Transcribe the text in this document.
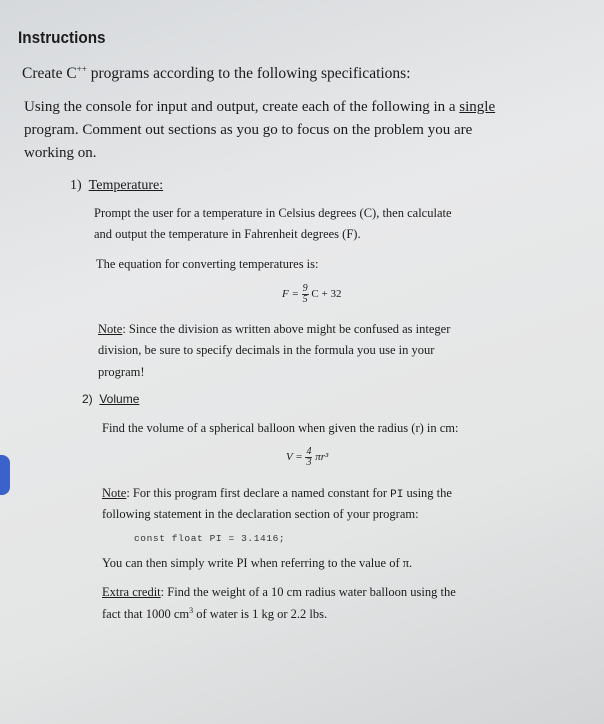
Instructions
Create C++ programs according to the following specifications:
Using the console for input and output, create each of the following in a single
program. Comment out sections as you go to focus on the problem you are
working on.
1) Temperature:
Prompt the user for a temperature in Celsius degrees (C), then calculate
and output the temperature in Fahrenheit degrees (F).
The equation for converting temperatures is:
$F = \frac{9}{5}$ C + 32
Note: Since the division as written above might be confused as integer
division, be sure to specify decimals in the formula you use in your
program!
2) Volume
Find the volume of a spherical balloon when given the radius (r) in cm:
$V = \frac{4}{3} \pi r^3$
Note: For this program first declare a named constant for PI using the
following statement in the declaration section of your program:
const float PI = 3.1416;
You can then simply write PI when referring to the value of π.
Extra credit: Find the weight of a 10 cm radius water balloon using the
fact that 1000 $cm^3$ of water is 1 kg or 2.2 lbs.
